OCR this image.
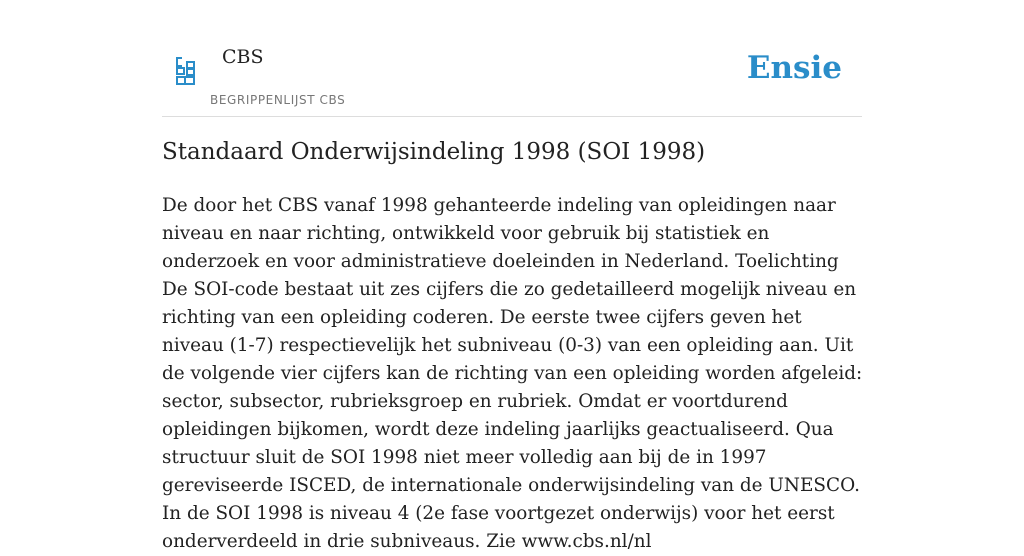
CBS
BEGRIPPENLIJST CBS
Ensie
Standaard Onderwijsindeling 1998 (SOI 1998)

De door het CBS vanaf 1998 gehanteerde indeling van opleidingen naar niveau en naar richting, ontwikkeld voor gebruik bij statistiek en onderzoek en voor administratieve doeleinden in Nederland. Toelichting De SOI-code bestaat uit zes cijfers die zo gedetailleerd mogelijk niveau en richting van een opleiding coderen. De eerste twee cijfers geven het niveau (1-7) respectievelijk het subniveau (0-3) van een opleiding aan. Uit de volgende vier cijfers kan de richting van een opleiding worden afgeleid: sector, subsector, rubrieksgroep en rubriek. Omdat er voortdurend opleidingen bijkomen, wordt deze indeling jaarlijks geactualiseerd. Qua structuur sluit de SOI 1998 niet meer volledig aan bij de in 1997 gereviseerde ISCED, de internationale onderwijsindeling van de UNESCO. In de SOI 1998 is niveau 4 (2e fase voortgezet onderwijs) voor het eerst onderverdeeld in drie subniveaus. Zie www.cbs.nl/nl
